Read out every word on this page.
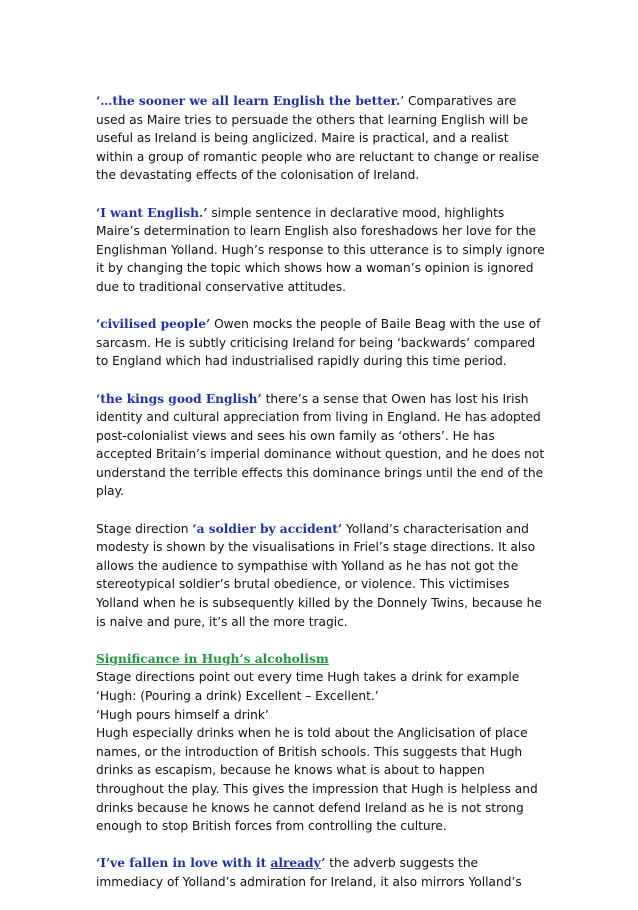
‘…the sooner we all learn English the better.’ Comparatives are used as Maire tries to persuade the others that learning English will be useful as Ireland is being anglicized. Maire is practical, and a realist within a group of romantic people who are reluctant to change or realise the devastating effects of the colonisation of Ireland.

‘I want English.’ simple sentence in declarative mood, highlights Maire’s determination to learn English also foreshadows her love for the Englishman Yolland. Hugh’s response to this utterance is to simply ignore it by changing the topic which shows how a woman’s opinion is ignored due to traditional conservative attitudes.

‘civilised people’ Owen mocks the people of Baile Beag with the use of sarcasm. He is subtly criticising Ireland for being ‘backwards’ compared to England which had industrialised rapidly during this time period.

‘the kings good English’ there’s a sense that Owen has lost his Irish identity and cultural appreciation from living in England. He has adopted post-colonialist views and sees his own family as ‘others’. He has accepted Britain’s imperial dominance without question, and he does not understand the terrible effects this dominance brings until the end of the play.

Stage direction ‘a soldier by accident’ Yolland’s characterisation and modesty is shown by the visualisations in Friel’s stage directions. It also allows the audience to sympathise with Yolland as he has not got the stereotypical soldier’s brutal obedience, or violence. This victimises Yolland when he is subsequently killed by the Donnely Twins, because he is naive and pure, it’s all the more tragic.

Significance in Hugh’s alcoholism

Stage directions point out every time Hugh takes a drink for example

‘Hugh: (Pouring a drink) Excellent – Excellent.’

‘Hugh pours himself a drink’

Hugh especially drinks when he is told about the Anglicisation of place names, or the introduction of British schools. This suggests that Hugh drinks as escapism, because he knows what is about to happen throughout the play. This gives the impression that Hugh is helpless and drinks because he knows he cannot defend Ireland as he is not strong enough to stop British forces from controlling the culture.

‘I’ve fallen in love with it already’ the adverb suggests the immediacy of Yolland’s admiration for Ireland, it also mirrors Yolland’s
